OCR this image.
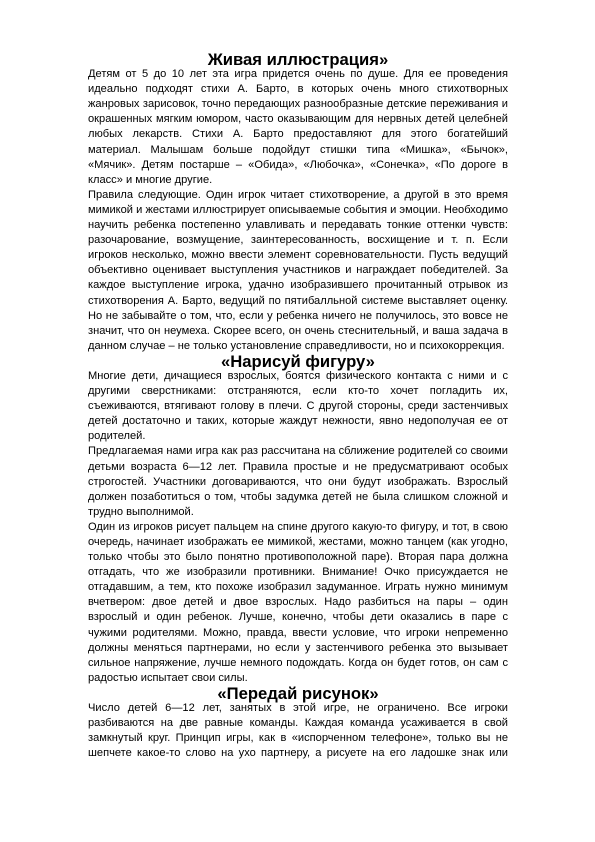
Живая иллюстрация»

Детям от 5 до 10 лет эта игра придется очень по душе. Для ее проведения идеально подходят стихи А. Барто, в которых очень много стихотворных жанровых зарисовок, точно передающих разнообразные детские переживания и окрашенных мягким юмором, часто оказывающим для нервных детей целебней любых лекарств. Стихи А. Барто предоставляют для этого богатейший материал. Малышам больше подойдут стишки типа «Мишка», «Бычок», «Мячик». Детям постарше – «Обида», «Любочка», «Сонечка», «По дороге в класс» и многие другие.

Правила следующие. Один игрок читает стихотворение, а другой в это время мимикой и жестами иллюстрирует описываемые события и эмоции. Необходимо научить ребенка постепенно улавливать и передавать тонкие оттенки чувств: разочарование, возмущение, заинтересованность, восхищение и т. п. Если игроков несколько, можно ввести элемент соревновательности. Пусть ведущий объективно оценивает выступления участников и награждает победителей. За каждое выступление игрока, удачно изобразившего прочитанный отрывок из стихотворения А. Барто, ведущий по пятибалльной системе выставляет оценку. Но не забывайте о том, что, если у ребенка ничего не получилось, это вовсе не значит, что он неумеха. Скорее всего, он очень стеснительный, и ваша задача в данном случае – не только установление справедливости, но и психокоррекция.

«Нарисуй фигуру»

Многие дети, дичащиеся взрослых, боятся физического контакта с ними и с другими сверстниками: отстраняются, если кто-то хочет погладить их, съеживаются, втягивают голову в плечи. С другой стороны, среди застенчивых детей достаточно и таких, которые жаждут нежности, явно недополучая ее от родителей.

Предлагаемая нами игра как раз рассчитана на сближение родителей со своими детьми возраста 6—12 лет. Правила простые и не предусматривают особых строгостей. Участники договариваются, что они будут изображать. Взрослый должен позаботиться о том, чтобы задумка детей не была слишком сложной и трудно выполнимой.

Один из игроков рисует пальцем на спине другого какую-то фигуру, и тот, в свою очередь, начинает изображать ее мимикой, жестами, можно танцем (как угодно, только чтобы это было понятно противоположной паре). Вторая пара должна отгадать, что же изобразили противники. Внимание! Очко присуждается не отгадавшим, а тем, кто похоже изобразил задуманное. Играть нужно минимум вчетвером: двое детей и двое взрослых. Надо разбиться на пары – один взрослый и один ребенок. Лучше, конечно, чтобы дети оказались в паре с чужими родителями. Можно, правда, ввести условие, что игроки непременно должны меняться партнерами, но если у застенчивого ребенка это вызывает сильное напряжение, лучше немного подождать. Когда он будет готов, он сам с радостью испытает свои силы.

«Передай рисунок»

Число детей 6—12 лет, занятых в этой игре, не ограничено. Все игроки разбиваются на две равные команды. Каждая команда усаживается в свой замкнутый круг. Принцип игры, как в «испорченном телефоне», только вы не шепчете какое-то слово на ухо партнеру, а рисуете на его ладошке знак или
